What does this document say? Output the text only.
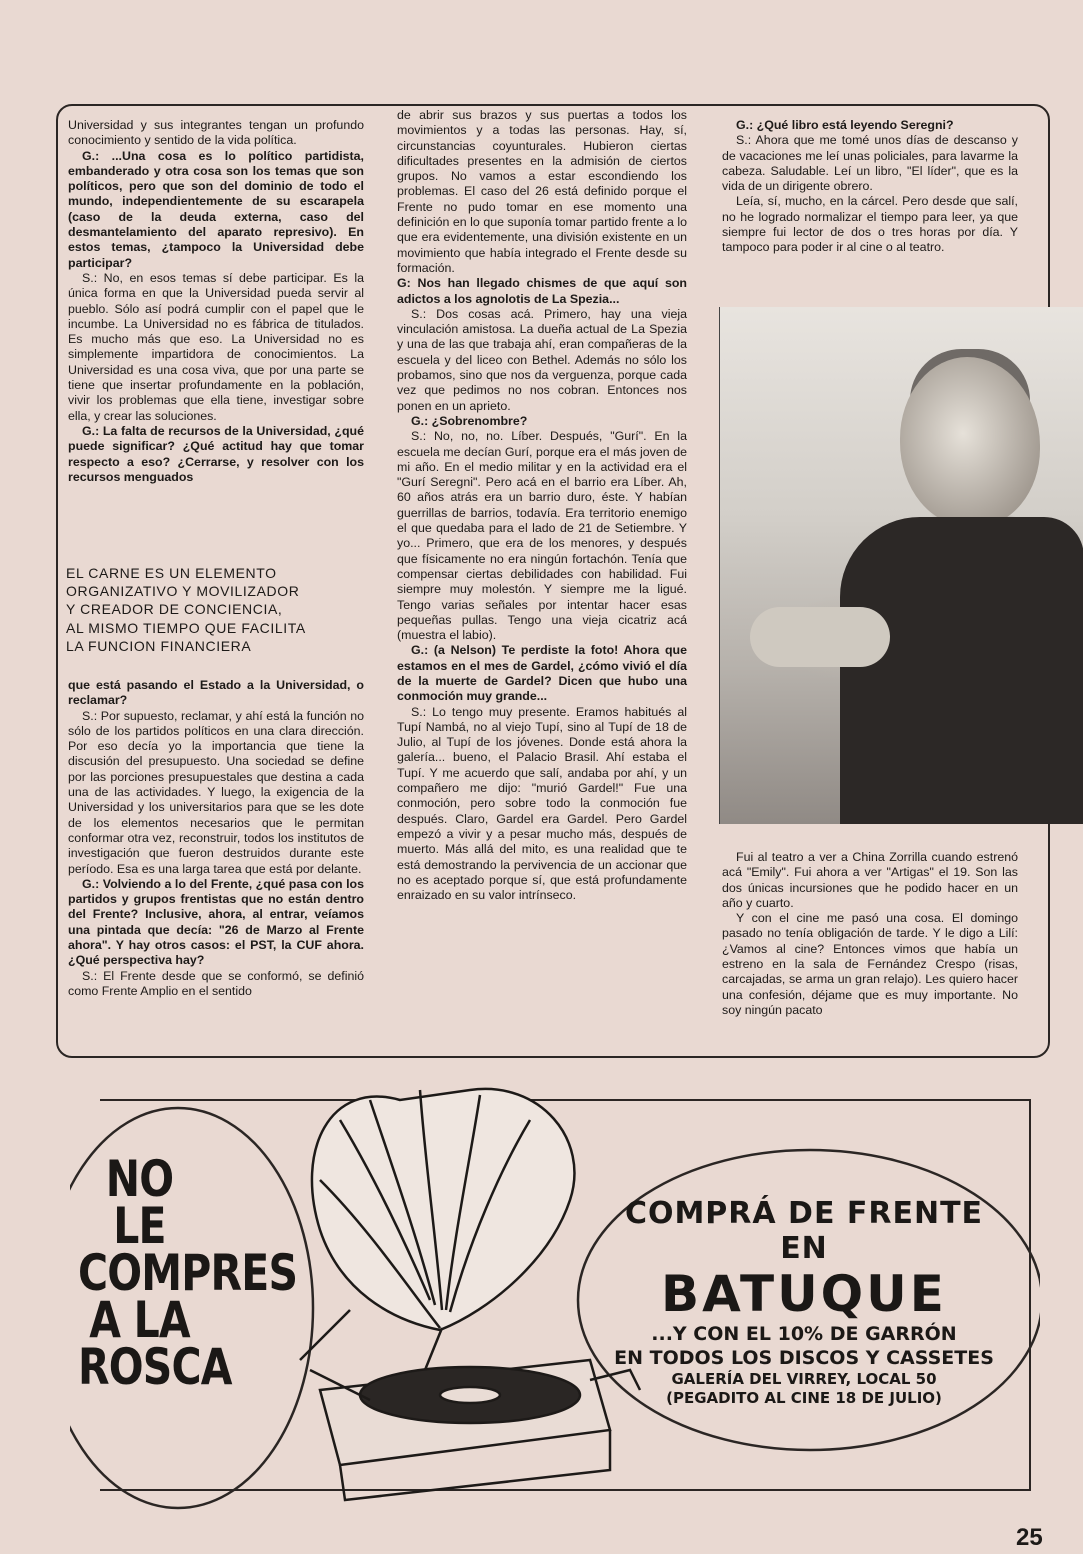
Universidad y sus integrantes tengan un profundo conocimiento y sentido de la vida política.

G.: ...Una cosa es lo político partidista, embanderado y otra cosa son los temas que son políticos, pero que son del dominio de todo el mundo, independientemente de su escarapela (caso de la deuda externa, caso del desmantelamiento del aparato represivo). En estos temas, ¿tampoco la Universidad debe participar?

S.: No, en esos temas sí debe participar. Es la única forma en que la Universidad pueda servir al pueblo. Sólo así podrá cumplir con el papel que le incumbe. La Universidad no es fábrica de titulados. Es mucho más que eso. La Universidad no es simplemente impartidora de conocimientos. La Universidad es una cosa viva, que por una parte se tiene que insertar profundamente en la población, vivir los problemas que ella tiene, investigar sobre ella, y crear las soluciones.

G.: La falta de recursos de la Universidad, ¿qué puede significar? ¿Qué actitud hay que tomar respecto a eso? ¿Cerrarse, y resolver con los recursos menguados

EL CARNE ES UN ELEMENTO

ORGANIZATIVO Y MOVILIZADOR

Y CREADOR DE CONCIENCIA,

AL MISMO TIEMPO QUE FACILITA

LA FUNCION FINANCIERA

que está pasando el Estado a la Universidad, o reclamar?

S.: Por supuesto, reclamar, y ahí está la función no sólo de los partidos políticos en una clara dirección. Por eso decía yo la importancia que tiene la discusión del presupuesto. Una sociedad se define por las porciones presupuestales que destina a cada una de las actividades. Y luego, la exigencia de la Universidad y los universitarios para que se les dote de los elementos necesarios que le permitan conformar otra vez, reconstruir, todos los institutos de investigación que fueron destruidos durante este período. Esa es una larga tarea que está por delante.

G.: Volviendo a lo del Frente, ¿qué pasa con los partidos y grupos frentistas que no están dentro del Frente? Inclusive, ahora, al entrar, veíamos una pintada que decía: "26 de Marzo al Frente ahora". Y hay otros casos: el PST, la CUF ahora. ¿Qué perspectiva hay?

S.: El Frente desde que se conformó, se definió como Frente Amplio en el sentido

de abrir sus brazos y sus puertas a todos los movimientos y a todas las personas. Hay, sí, circunstancias coyunturales. Hubieron ciertas dificultades presentes en la admisión de ciertos grupos. No vamos a estar escondiendo los problemas. El caso del 26 está definido porque el Frente no pudo tomar en ese momento una definición en lo que suponía tomar partido frente a lo que era evidentemente, una división existente en un movimiento que había integrado el Frente desde su formación.

G: Nos han llegado chismes de que aquí son adictos a los agnolotis de La Spezia...

S.: Dos cosas acá. Primero, hay una vieja vinculación amistosa. La dueña actual de La Spezia y una de las que trabaja ahí, eran compañeras de la escuela y del liceo con Bethel. Además no sólo los probamos, sino que nos da verguenza, porque cada vez que pedimos no nos cobran. Entonces nos ponen en un aprieto.

G.: ¿Sobrenombre?

S.: No, no, no. Líber. Después, "Gurí". En la escuela me decían Gurí, porque era el más joven de mi año. En el medio militar y en la actividad era el "Gurí Seregni". Pero acá en el barrio era Líber. Ah, 60 años atrás era un barrio duro, éste. Y habían guerrillas de barrios, todavía. Era territorio enemigo el que quedaba para el lado de 21 de Setiembre. Y yo... Primero, que era de los menores, y después que físicamente no era ningún fortachón. Tenía que compensar ciertas debilidades con habilidad. Fui siempre muy molestón. Y siempre me la ligué. Tengo varias señales por intentar hacer esas pequeñas pullas. Tengo una vieja cicatriz acá (muestra el labio).

G.: (a Nelson) Te perdiste la foto! Ahora que estamos en el mes de Gardel, ¿cómo vivió el día de la muerte de Gardel? Dicen que hubo una conmoción muy grande...

S.: Lo tengo muy presente. Eramos habitués al Tupí Nambá, no al viejo Tupí, sino al Tupí de 18 de Julio, al Tupí de los jóvenes. Donde está ahora la galería... bueno, el Palacio Brasil. Ahí estaba el Tupí. Y me acuerdo que salí, andaba por ahí, y un compañero me dijo: "murió Gardel!" Fue una conmoción, pero sobre todo la conmoción fue después. Claro, Gardel era Gardel. Pero Gardel empezó a vivir y a pesar mucho más, después de muerto. Más allá del mito, es una realidad que te está demostrando la pervivencia de un accionar que no es aceptado porque sí, que está profundamente enraizado en su valor intrínseco.

G.: ¿Qué libro está leyendo Seregni?

S.: Ahora que me tomé unos días de descanso y de vacaciones me leí unas policiales, para lavarme la cabeza. Saludable. Leí un libro, "El líder", que es la vida de un dirigente obrero.

Leía, sí, mucho, en la cárcel. Pero desde que salí, no he logrado normalizar el tiempo para leer, ya que siempre fui lector de dos o tres horas por día. Y tampoco para poder ir al cine o al teatro.

Fui al teatro a ver a China Zorrilla cuando estrenó acá "Emily". Fui ahora a ver "Artigas" el 19. Son las dos únicas incursiones que he podido hacer en un año y cuarto.

Y con el cine me pasó una cosa. El domingo pasado no tenía obligación de tarde. Y le digo a Lilí: ¿Vamos al cine? Entonces vimos que había un estreno en la sala de Fernández Crespo (risas, carcajadas, se arma un gran relajo). Les quiero hacer una confesión, déjame que es muy importante. No soy ningún pacato

NO LE
COMPRES
A LA
ROSCA
COMPRÁ DE FRENTE EN
BATUQUE
...Y CON EL 10% DE GARRÓN
EN TODOS LOS DISCOS Y CASSETES
GALERÍA DEL VIRREY, LOCAL 50
(PEGADITO AL CINE 18 DE JULIO)
25
